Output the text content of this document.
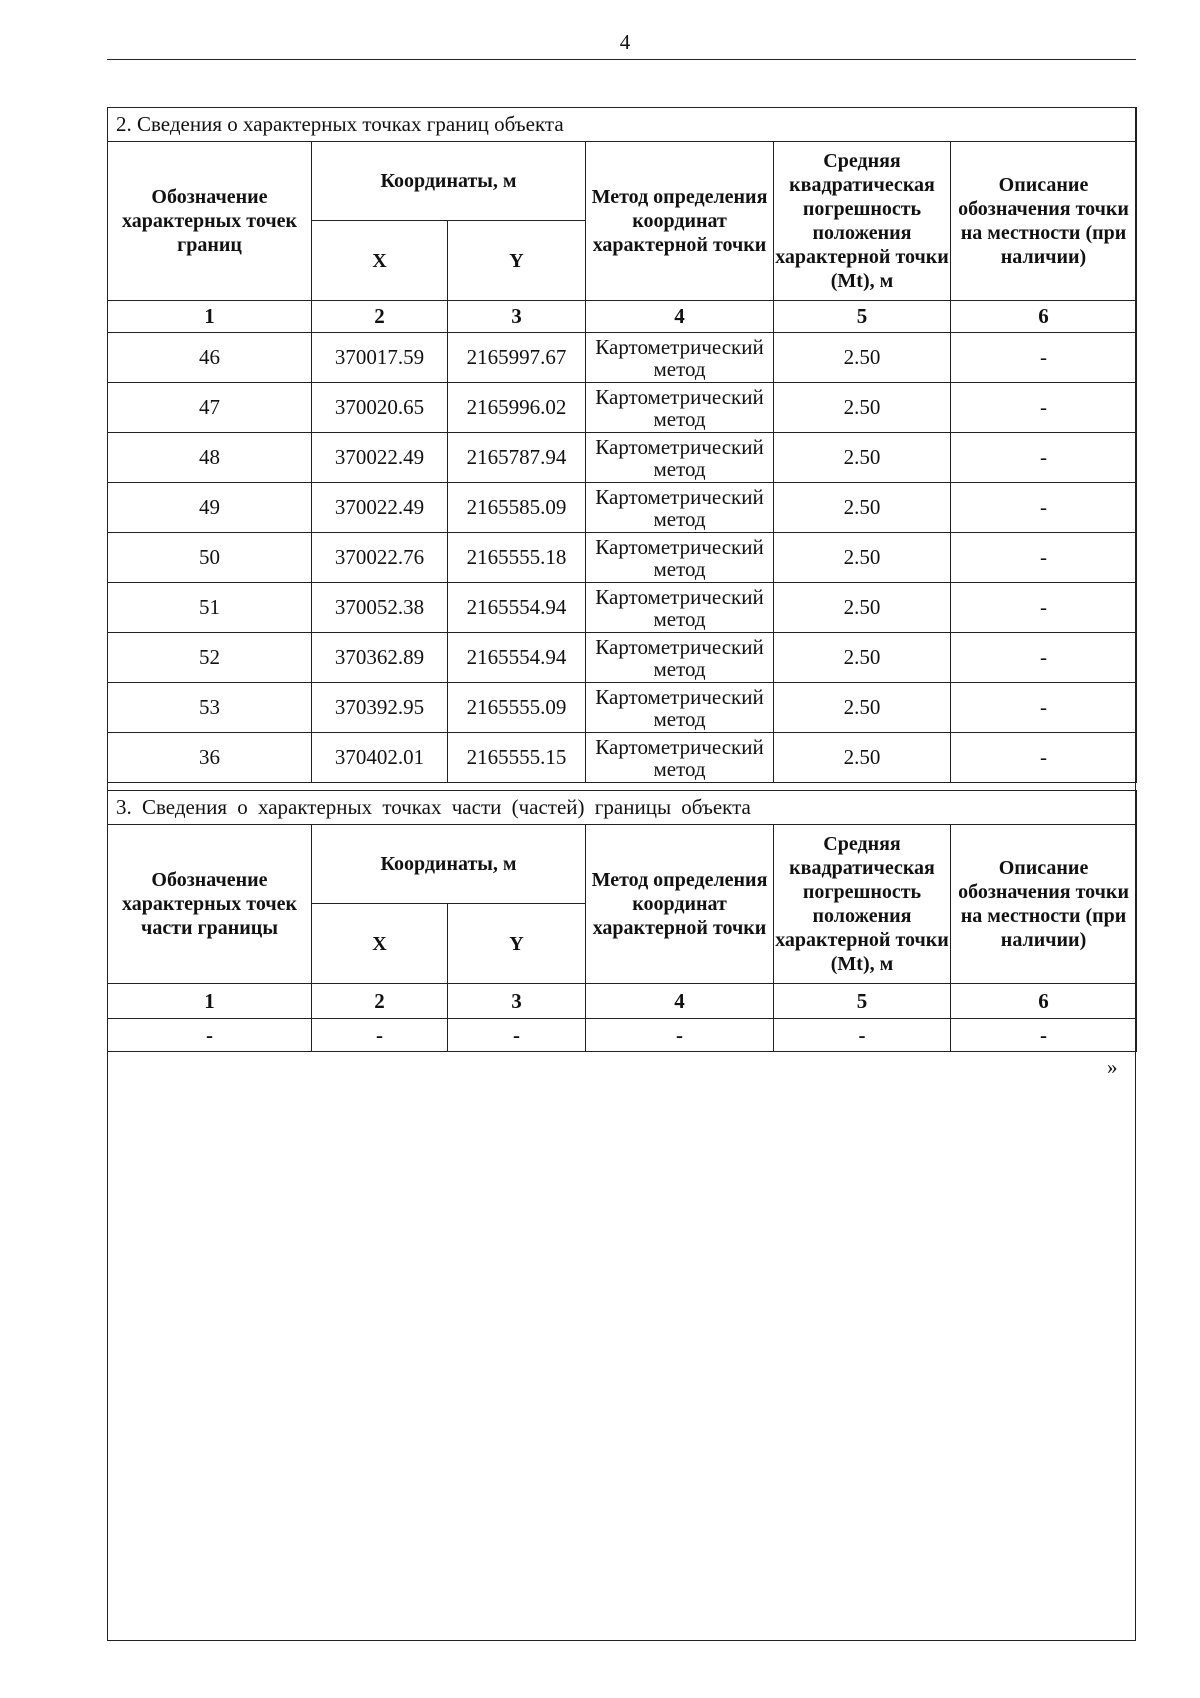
4
2. Сведения о характерных точках границ объекта					
Обозначение характерных точек границ	Координаты, м		Метод определения координат характерной точки	Средняя квадратическая погрешность положения характерной точки (Mt), м	Описание обозначения точки на местности (при наличии)
	X	Y			
1	2	3	4	5	6
46	370017.59	2165997.67	Картометрический метод	2.50	-
47	370020.65	2165996.02	Картометрический метод	2.50	-
48	370022.49	2165787.94	Картометрический метод	2.50	-
49	370022.49	2165585.09	Картометрический метод	2.50	-
50	370022.76	2165555.18	Картометрический метод	2.50	-
51	370052.38	2165554.94	Картометрический метод	2.50	-
52	370362.89	2165554.94	Картометрический метод	2.50	-
53	370392.95	2165555.09	Картометрический метод	2.50	-
36	370402.01	2165555.15	Картометрический метод	2.50	-
3. Сведения о характерных точках части (частей) границы объекта					
Обозначение характерных точек части границы	Координаты, м		Метод определения координат характерной точки	Средняя квадратическая погрешность положения характерной точки (Mt), м	Описание обозначения точки на местности (при наличии)
	X	Y			
1	2	3	4	5	6
-	-	-	-	-	-
»
